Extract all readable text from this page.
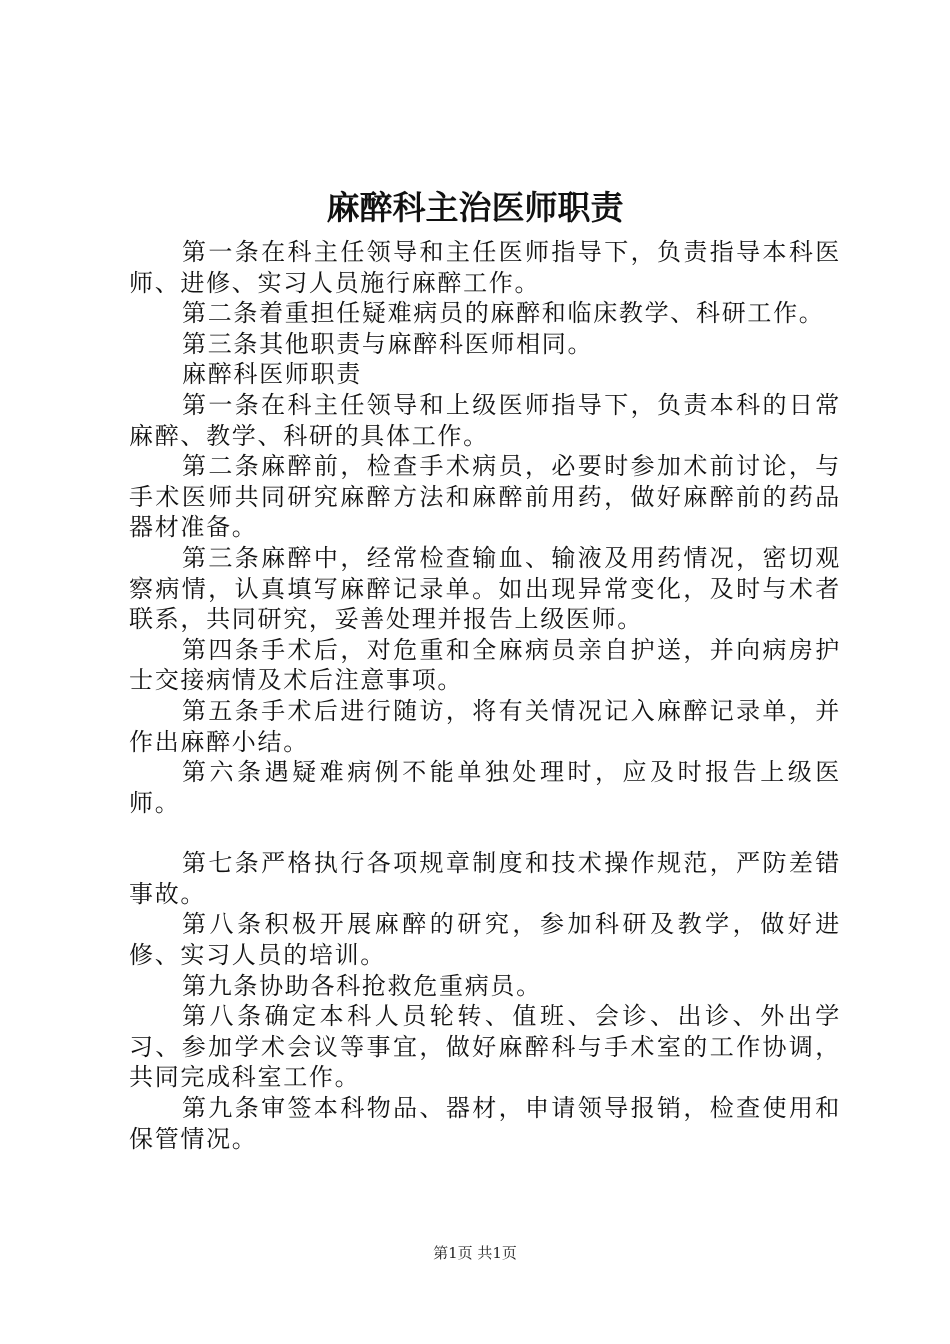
麻醉科主治医师职责

第一条在科主任领导和主任医师指导下，负责指导本科医师、进修、实习人员施行麻醉工作。

第二条着重担任疑难病员的麻醉和临床教学、科研工作。

第三条其他职责与麻醉科医师相同。

麻醉科医师职责

第一条在科主任领导和上级医师指导下，负责本科的日常麻醉、教学、科研的具体工作。

第二条麻醉前，检查手术病员，必要时参加术前讨论，与手术医师共同研究麻醉方法和麻醉前用药，做好麻醉前的药品器材准备。

第三条麻醉中，经常检查输血、输液及用药情况，密切观察病情，认真填写麻醉记录单。如出现异常变化，及时与术者联系，共同研究，妥善处理并报告上级医师。

第四条手术后，对危重和全麻病员亲自护送，并向病房护士交接病情及术后注意事项。

第五条手术后进行随访，将有关情况记入麻醉记录单，并作出麻醉小结。

第六条遇疑难病例不能单独处理时，应及时报告上级医师。

第七条严格执行各项规章制度和技术操作规范，严防差错事故。

第八条积极开展麻醉的研究，参加科研及教学，做好进修、实习人员的培训。

第九条协助各科抢救危重病员。

第八条确定本科人员轮转、值班、会诊、出诊、外出学习、参加学术会议等事宜，做好麻醉科与手术室的工作协调，共同完成科室工作。

第九条审签本科物品、器材，申请领导报销，检查使用和保管情况。

第1页 共1页
